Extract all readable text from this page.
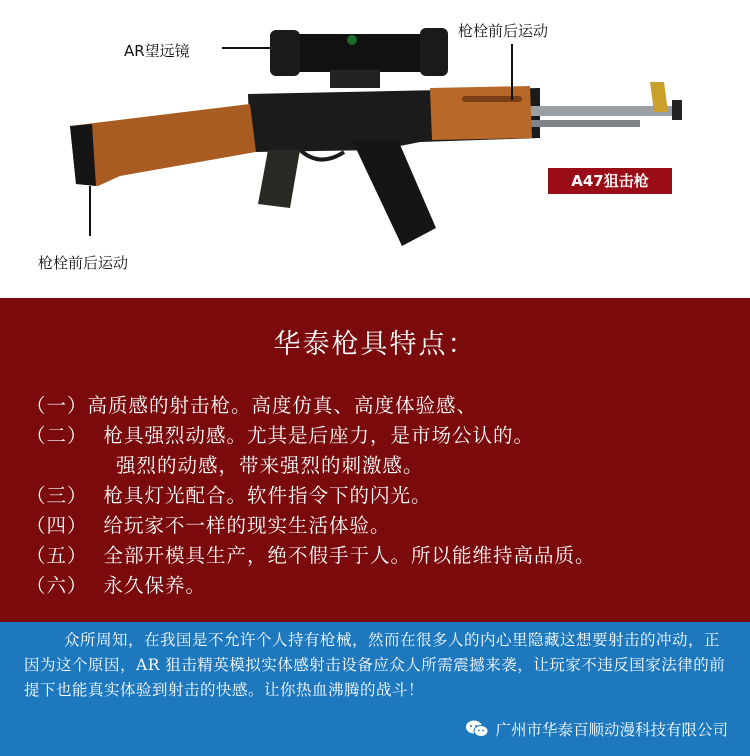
AR望远镜
枪栓前后运动
枪栓前后运动
A47狙击枪
华泰枪具特点：
（一）高质感的射击枪。高度仿真、高度体验感、
（二） 枪具强烈动感。尤其是后座力，是市场公认的。
强烈的动感，带来强烈的刺激感。
（三） 枪具灯光配合。软件指令下的闪光。
（四） 给玩家不一样的现实生活体验。
（五） 全部开模具生产，绝不假手于人。所以能维持高品质。
（六） 永久保养。

众所周知，在我国是不允许个人持有枪械，然而在很多人的内心里隐藏这想要射击的冲动，正因为这个原因，AR 狙击精英模拟实体感射击设备应众人所需震撼来袭，让玩家不违反国家法律的前提下也能真实体验到射击的快感。让你热血沸腾的战斗！

广州市华泰百顺动漫科技有限公司
